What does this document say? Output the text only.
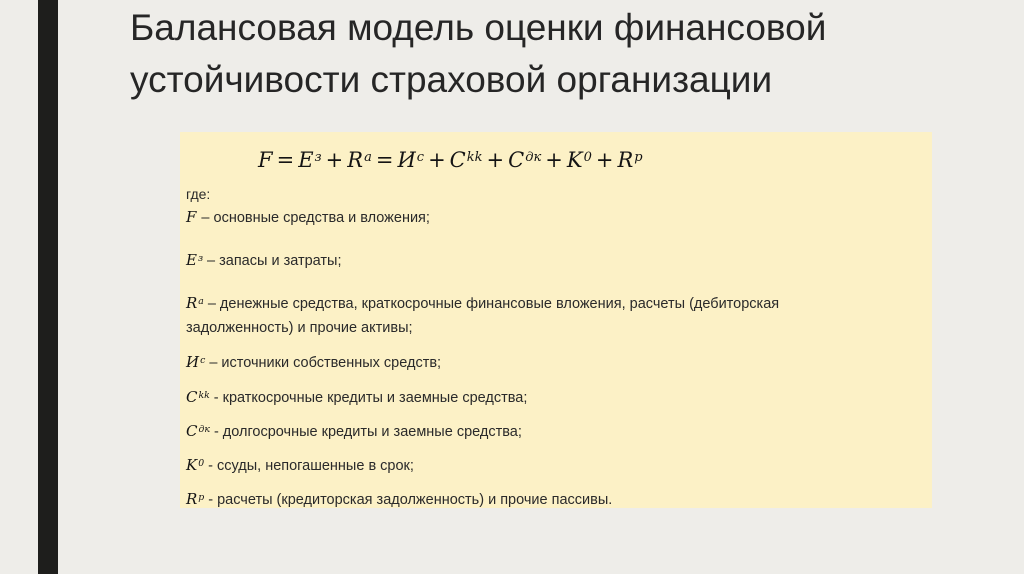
Балансовая модель оценки финансовой устойчивости страховой организации
$F = E^з + R^a = И^с + C^{kk} + C^{дк} + K^0 + R^p$
где:
F – основные средства и вложения;
$E^з$ – запасы и затраты;
$R^a$ – денежные средства, краткосрочные финансовые вложения, расчеты (дебиторская
задолженность) и прочие активы;
$И^с$ – источники собственных средств;
$C^{kk}$ - краткосрочные кредиты и заемные средства;
$C^{дк}$ - долгосрочные кредиты и заемные средства;
$K^0$ - ссуды, непогашенные в срок;
$R^p$ - расчеты (кредиторская задолженность) и прочие пассивы.
